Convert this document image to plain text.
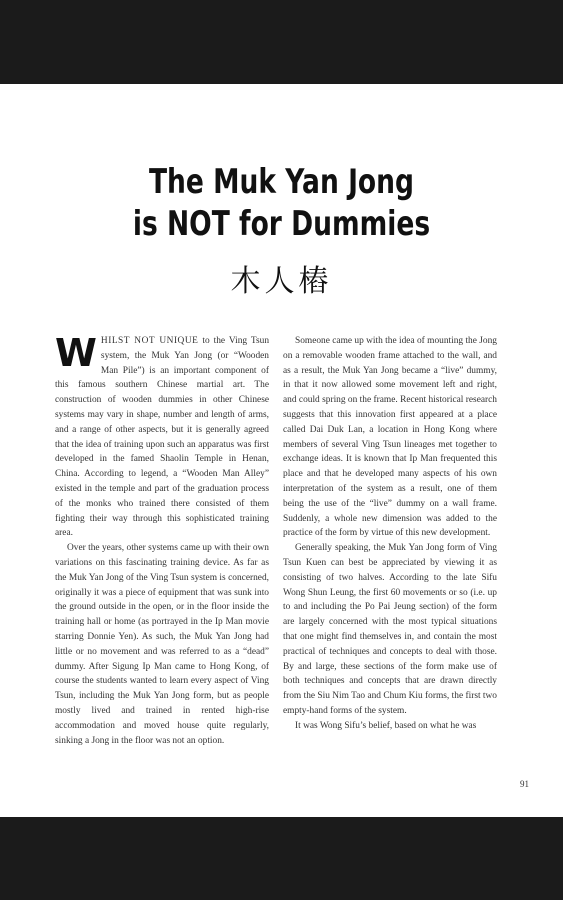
The Muk Yan Jong
is NOT for Dummies
木人樁

WHILST NOT UNIQUE to the Ving Tsun system, the Muk Yan Jong (or “Wooden Man Pile”) is an important component of this famous southern Chinese martial art. The construction of wooden dummies in other Chinese systems may vary in shape, number and length of arms, and a range of other aspects, but it is generally agreed that the idea of training upon such an apparatus was first developed in the famed Shaolin Temple in Henan, China. According to legend, a “Wooden Man Alley” existed in the temple and part of the graduation process of the monks who trained there consisted of them fighting their way through this sophisticated training area.

Over the years, other systems came up with their own variations on this fascinating training device. As far as the Muk Yan Jong of the Ving Tsun system is concerned, originally it was a piece of equipment that was sunk into the ground outside in the open, or in the floor inside the training hall or home (as portrayed in the Ip Man movie starring Donnie Yen). As such, the Muk Yan Jong had little or no movement and was referred to as a “dead” dummy. After Sigung Ip Man came to Hong Kong, of course the students wanted to learn every aspect of Ving Tsun, including the Muk Yan Jong form, but as people mostly lived and trained in rented high-rise accommodation and moved house quite regularly, sinking a Jong in the floor was not an option.

Someone came up with the idea of mounting the Jong on a removable wooden frame attached to the wall, and as a result, the Muk Yan Jong became a “live” dummy, in that it now allowed some movement left and right, and could spring on the frame. Recent historical research suggests that this innovation first appeared at a place called Dai Duk Lan, a location in Hong Kong where members of several Ving Tsun lineages met together to exchange ideas. It is known that Ip Man frequented this place and that he developed many aspects of his own interpretation of the system as a result, one of them being the use of the “live” dummy on a wall frame. Suddenly, a whole new dimension was added to the practice of the form by virtue of this new development.

Generally speaking, the Muk Yan Jong form of Ving Tsun Kuen can best be appreciated by viewing it as consisting of two halves. According to the late Sifu Wong Shun Leung, the first 60 movements or so (i.e. up to and including the Po Pai Jeung section) of the form are largely concerned with the most typical situations that one might find themselves in, and contain the most practical of techniques and concepts to deal with those. By and large, these sections of the form make use of both techniques and concepts that are drawn directly from the Siu Nim Tao and Chum Kiu forms, the first two empty-hand forms of the system.

It was Wong Sifu’s belief, based on what he was

91
